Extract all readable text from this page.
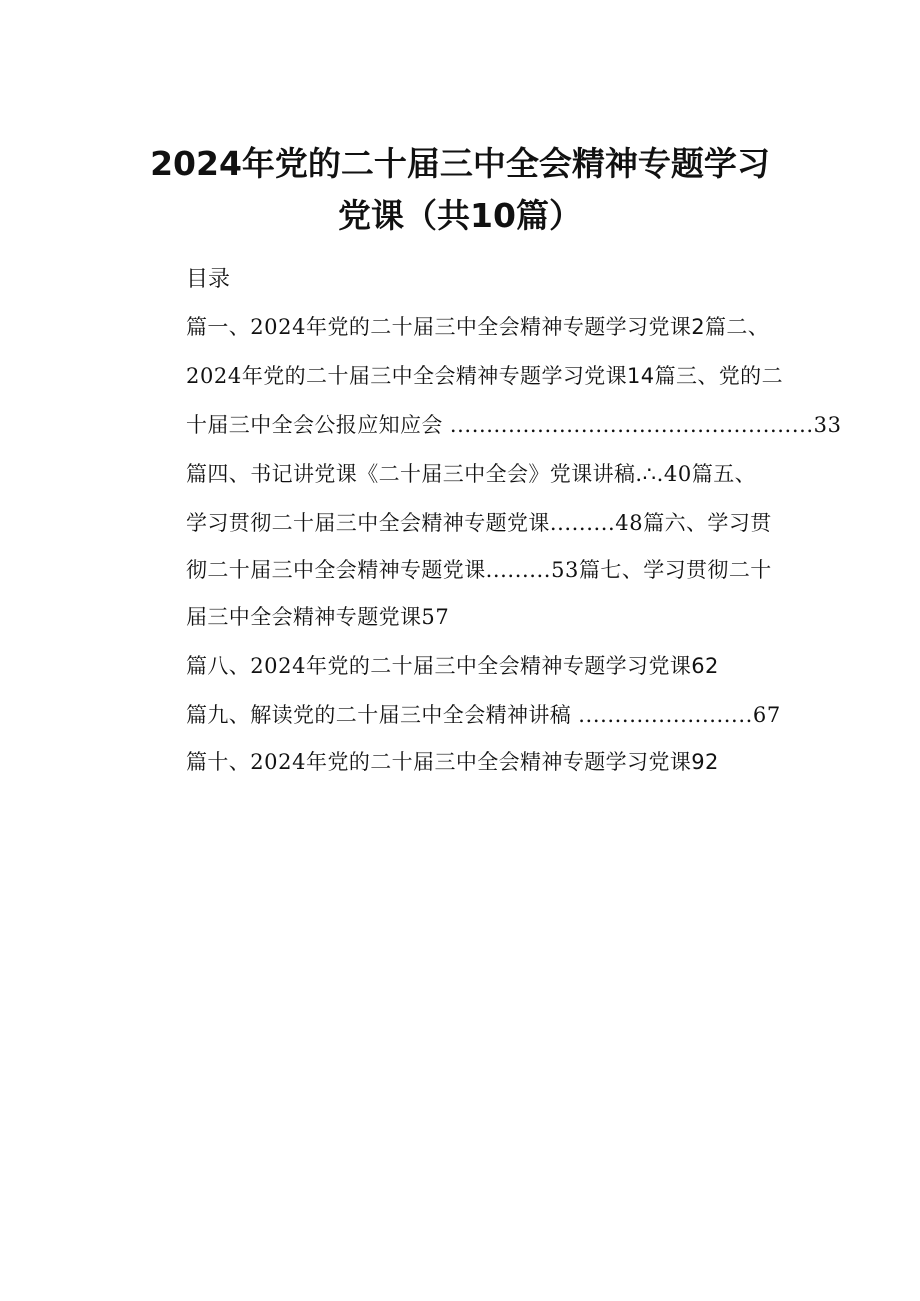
2024年党的二十届三中全会精神专题学习
党课（共10篇）
目录
篇一、2024年党的二十届三中全会精神专题学习党课2篇二、
2024年党的二十届三中全会精神专题学习党课14篇三、党的二
十届三中全会公报应知应会 ..................................................33
篇四、书记讲党课《二十届三中全会》党课讲稿.∴.40篇五、
学习贯彻二十届三中全会精神专题党课.........48篇六、学习贯
彻二十届三中全会精神专题党课.........53篇七、学习贯彻二十
届三中全会精神专题党课57
篇八、2024年党的二十届三中全会精神专题学习党课62
篇九、解读党的二十届三中全会精神讲稿 ........................67
篇十、2024年党的二十届三中全会精神专题学习党课92
